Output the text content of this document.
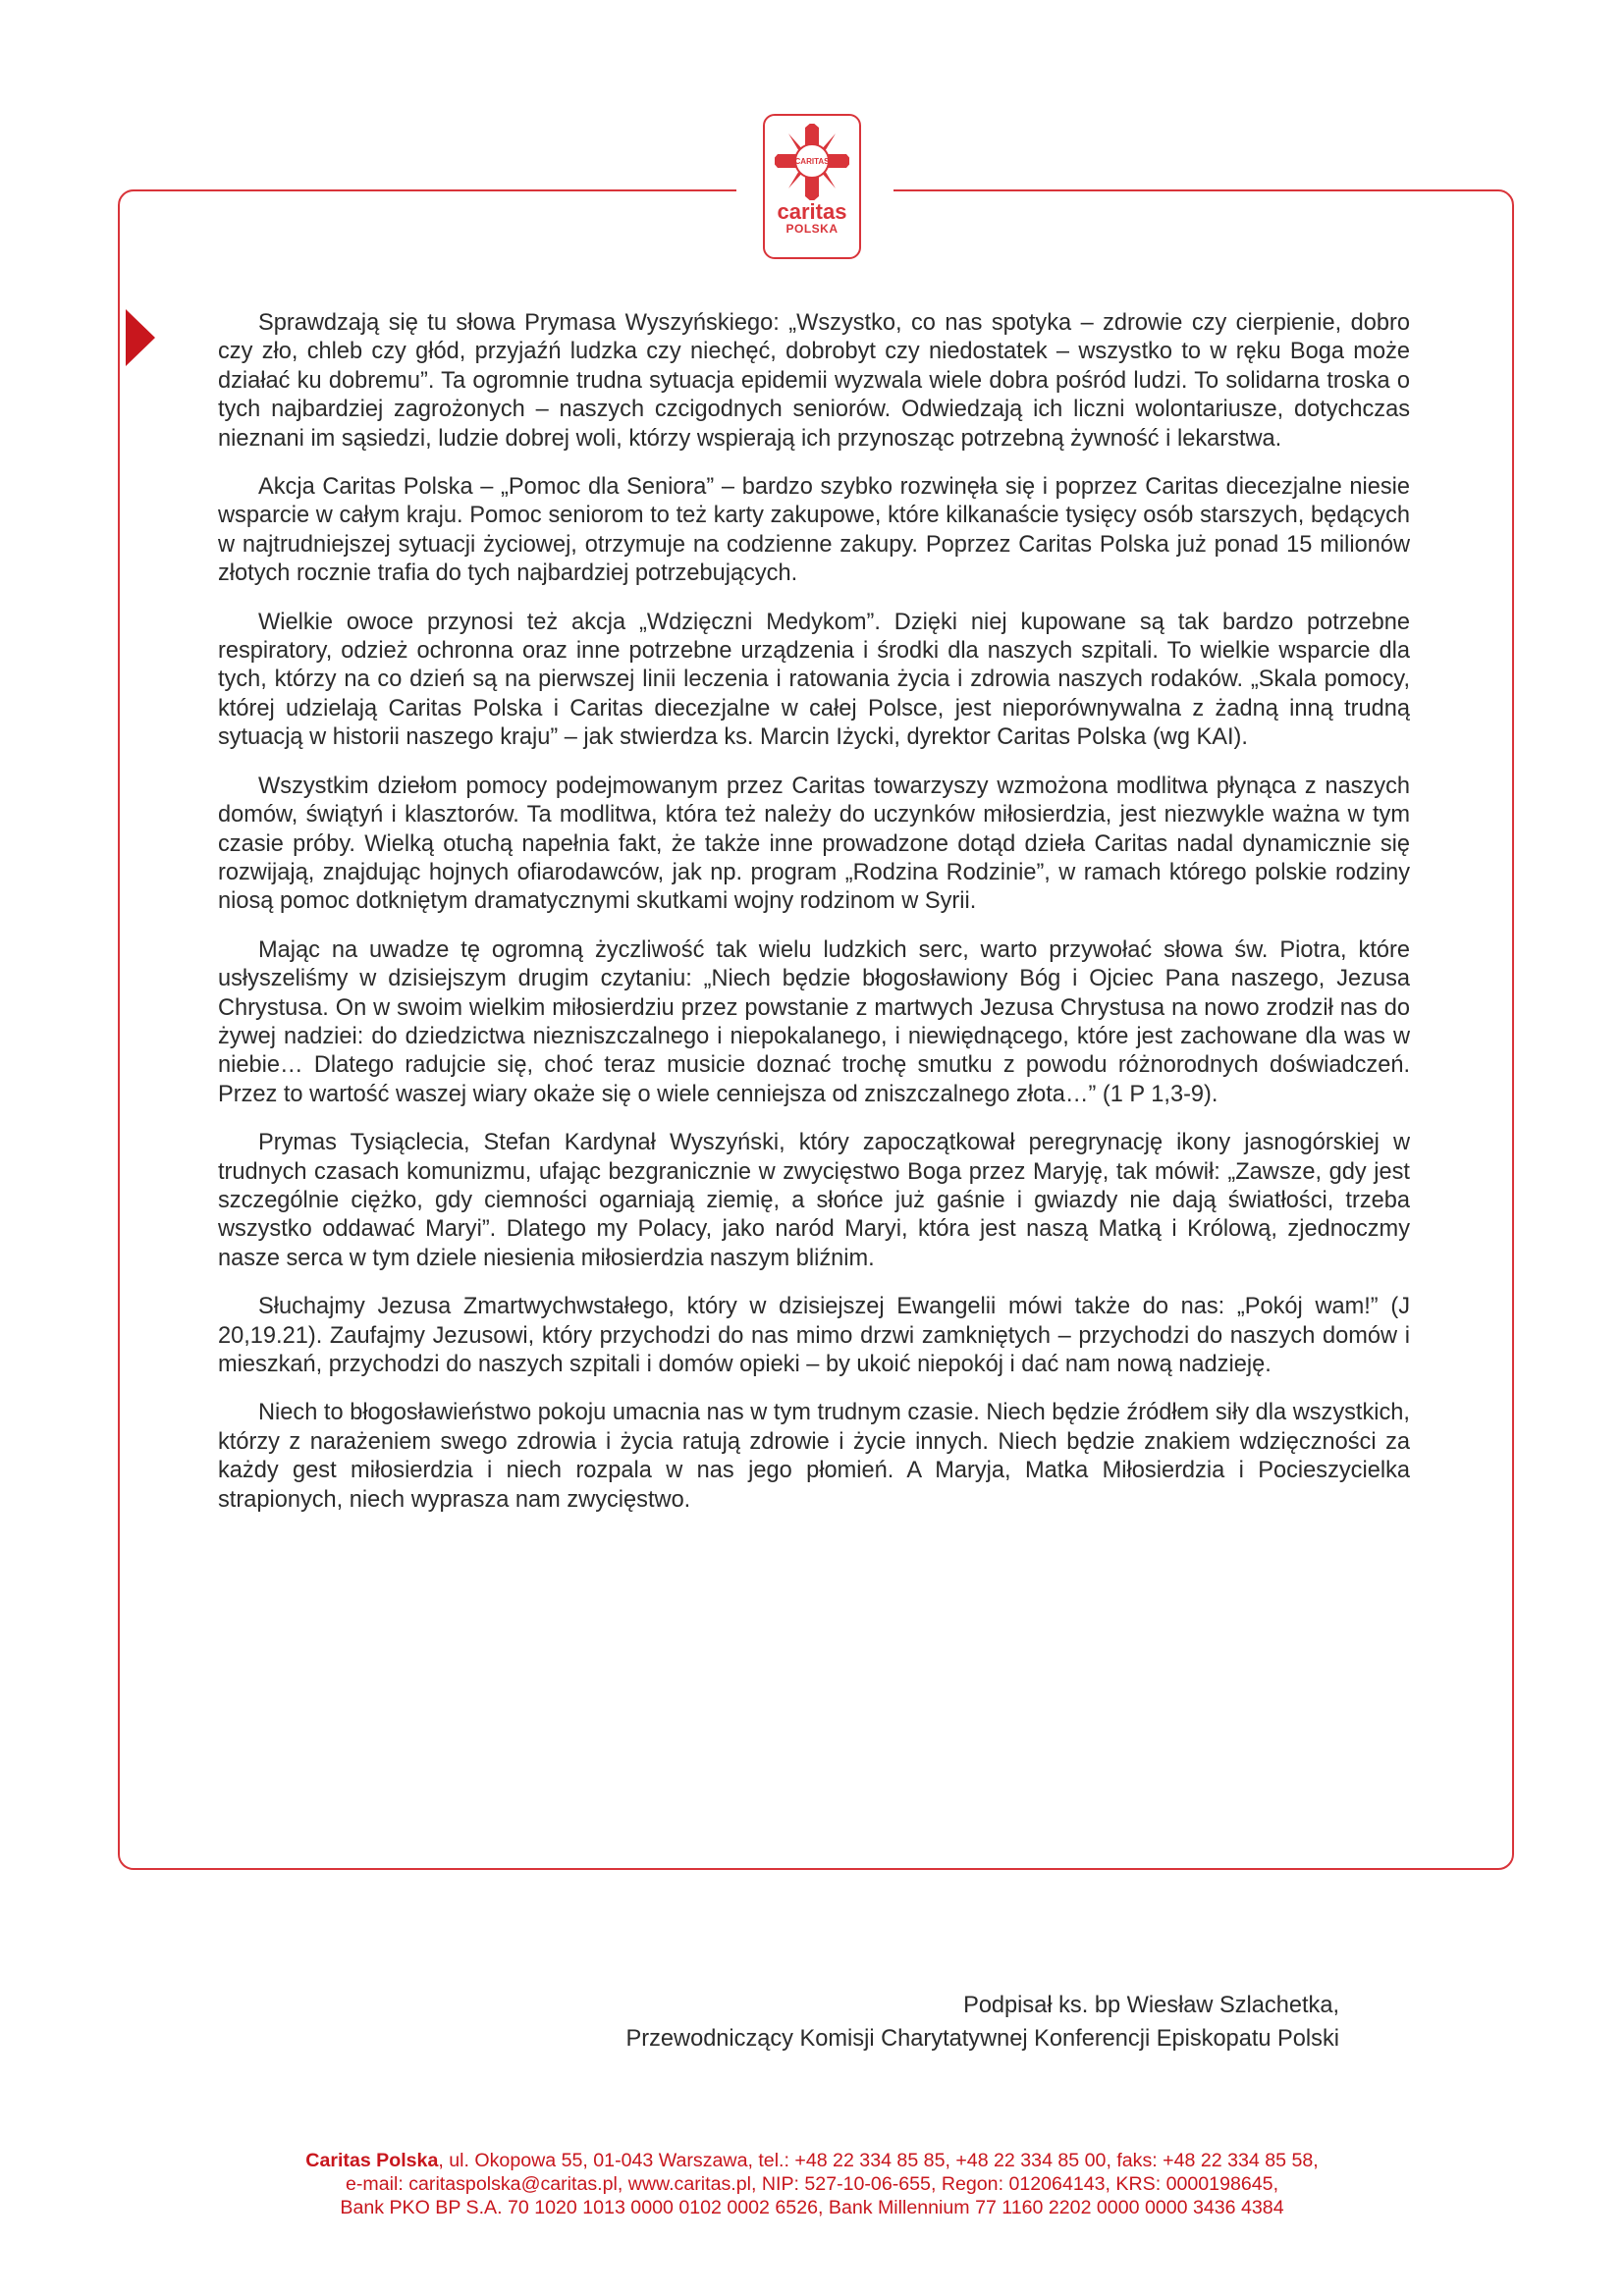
CARITAS
caritas
POLSKA

Sprawdzają się tu słowa Prymasa Wyszyńskiego: „Wszystko, co nas spotyka – zdrowie czy cierpienie, dobro czy zło, chleb czy głód, przyjaźń ludzka czy niechęć, dobrobyt czy niedostatek – wszystko to w ręku Boga może działać ku dobremu”. Ta ogromnie trudna sytuacja epidemii wyzwala wiele dobra pośród ludzi. To solidarna troska o tych najbardziej zagrożonych – naszych czcigodnych seniorów. Odwiedzają ich liczni wolontariusze, dotychczas nieznani im sąsiedzi, ludzie dobrej woli, którzy wspierają ich przynosząc potrzebną żywność i lekarstwa.

Akcja Caritas Polska – „Pomoc dla Seniora” – bardzo szybko rozwinęła się i poprzez Caritas diecezjalne niesie wsparcie w całym kraju. Pomoc seniorom to też karty zakupowe, które kilkanaście tysięcy osób starszych, będących w najtrudniejszej sytuacji życiowej, otrzymuje na codzienne zakupy. Poprzez Caritas Polska już ponad 15 milionów złotych rocznie trafia do tych najbardziej potrzebujących.

Wielkie owoce przynosi też akcja „Wdzięczni Medykom”. Dzięki niej kupowane są tak bardzo potrzebne respiratory, odzież ochronna oraz inne potrzebne urządzenia i środki dla naszych szpitali. To wielkie wsparcie dla tych, którzy na co dzień są na pierwszej linii leczenia i ratowania życia i zdrowia naszych rodaków. „Skala pomocy, której udzielają Caritas Polska i Caritas diecezjalne w całej Polsce, jest nieporównywalna z żadną inną trudną sytuacją w historii naszego kraju” – jak stwierdza ks. Marcin Iżycki, dyrektor Caritas Polska (wg KAI).

Wszystkim dziełom pomocy podejmowanym przez Caritas towarzyszy wzmożona modlitwa płynąca z naszych domów, świątyń i klasztorów. Ta modlitwa, która też należy do uczynków miłosierdzia, jest niezwykle ważna w tym czasie próby. Wielką otuchą napełnia fakt, że także inne prowadzone dotąd dzieła Caritas nadal dynamicznie się rozwijają, znajdując hojnych ofiarodawców, jak np. program „Rodzina Rodzinie”, w ramach którego polskie rodziny niosą pomoc dotkniętym dramatycznymi skutkami wojny rodzinom w Syrii.

Mając na uwadze tę ogromną życzliwość tak wielu ludzkich serc, warto przywołać słowa św. Piotra, które usłyszeliśmy w dzisiejszym drugim czytaniu: „Niech będzie błogosławiony Bóg i Ojciec Pana naszego, Jezusa Chrystusa. On w swoim wielkim miłosierdziu przez powstanie z martwych Jezusa Chrystusa na nowo zrodził nas do żywej nadziei: do dziedzictwa niezniszczalnego i niepokalanego, i niewiędnącego, które jest zachowane dla was w niebie… Dlatego radujcie się, choć teraz musicie doznać trochę smutku z powodu różnorodnych doświadczeń. Przez to wartość waszej wiary okaże się o wiele cenniejsza od zniszczalnego złota…” (1 P 1,3-9).

Prymas Tysiąclecia, Stefan Kardynał Wyszyński, który zapoczątkował peregrynację ikony jasnogórskiej w trudnych czasach komunizmu, ufając bezgranicznie w zwycięstwo Boga przez Maryję, tak mówił: „Zawsze, gdy jest szczególnie ciężko, gdy ciemności ogarniają ziemię, a słońce już gaśnie i gwiazdy nie dają światłości, trzeba wszystko oddawać Maryi”. Dlatego my Polacy, jako naród Maryi, która jest naszą Matką i Królową, zjednoczmy nasze serca w tym dziele niesienia miłosierdzia naszym bliźnim.

Słuchajmy Jezusa Zmartwychwstałego, który w dzisiejszej Ewangelii mówi także do nas: „Pokój wam!” (J 20,19.21). Zaufajmy Jezusowi, który przychodzi do nas mimo drzwi zamkniętych – przychodzi do naszych domów i mieszkań, przychodzi do naszych szpitali i domów opieki – by ukoić niepokój i dać nam nową nadzieję.

Niech to błogosławieństwo pokoju umacnia nas w tym trudnym czasie. Niech będzie źródłem siły dla wszystkich, którzy z narażeniem swego zdrowia i życia ratują zdrowie i życie innych. Niech będzie znakiem wdzięczności za każdy gest miłosierdzia i niech rozpala w nas jego płomień. A Maryja, Matka Miłosierdzia i Pocieszycielka strapionych, niech wyprasza nam zwycięstwo.

Podpisał ks. bp Wiesław Szlachetka,
Przewodniczący Komisji Charytatywnej Konferencji Episkopatu Polski
Caritas Polska, ul. Okopowa 55, 01-043 Warszawa, tel.: +48 22 334 85 85, +48 22 334 85 00, faks: +48 22 334 85 58,
e-mail: caritaspolska@caritas.pl, www.caritas.pl, NIP: 527-10-06-655, Regon: 012064143, KRS: 0000198645,
Bank PKO BP S.A. 70 1020 1013 0000 0102 0002 6526, Bank Millennium 77 1160 2202 0000 0000 3436 4384
